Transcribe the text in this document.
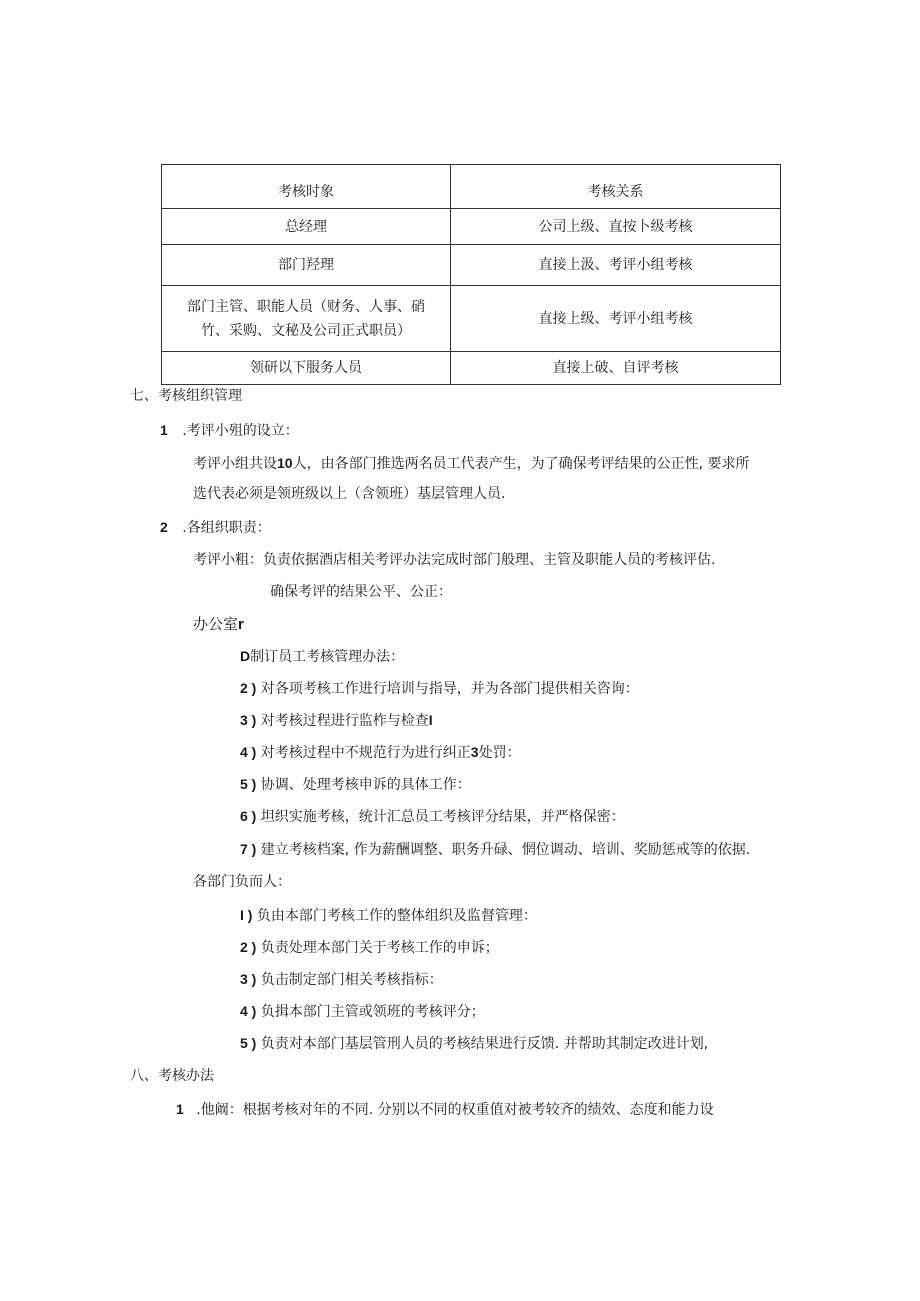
考核时象	考核关系
总经理	公司上级、直按卜级考核
部门羟理	直接上汲、考评小组考核

部门主管、职能人员（财务、人事、硝
竹、采购、文秘及公司正式职员）	直接上级、考评小组考核
领研以下服务人员	直接上破、自评考核
七、考核组织管理
1 .考评小殂的设立：
考评小组共设10人，由各部门推选两名员工代表产生，为了确保考评结果的公正性, 要求所
选代表必须是领班级以上（含领班）基层管理人员.
2 .各组织职责：
考评小粗：负责依据酒店相关考评办法完成时部门般理、主管及职能人员的考核评估.
确保考评的结果公平、公正：
办公室r
D制订员工考核管理办法：
2 ) 对各项考核工作进行培训与指导，并为各部门提供相关咨询：
3 ) 对考核过程进行监柞与检查I
4 ) 对考核过程中不规范行为进行纠正3处罚：
5 ) 协调、处理考核申诉的具体工作：
6 ) 坦织实施考核，统计汇总员工考核评分结果，并严格保密：
7 ) 建立考核档案, 作为薪酬调整、职务升碌、惘位调动、培训、奖励惩戒等的依据.
各部门负而人：
I ) 负由本部门考核工作的整体组织及监督管理：
2 ) 负责处理本部门关于考核工作的申诉；
3 ) 负击制定部门相关考核指标：
4 ) 负揖本部门主管或领班的考核评分；
5 ) 负责对本部门基层管刑人员的考核结果进行反馈. 并帮助其制定改进计划,
八、考核办法
1 .他阚：根据考核对年的不同. 分别以不同的权重值对被考较齐的绩效、态度和能力设
